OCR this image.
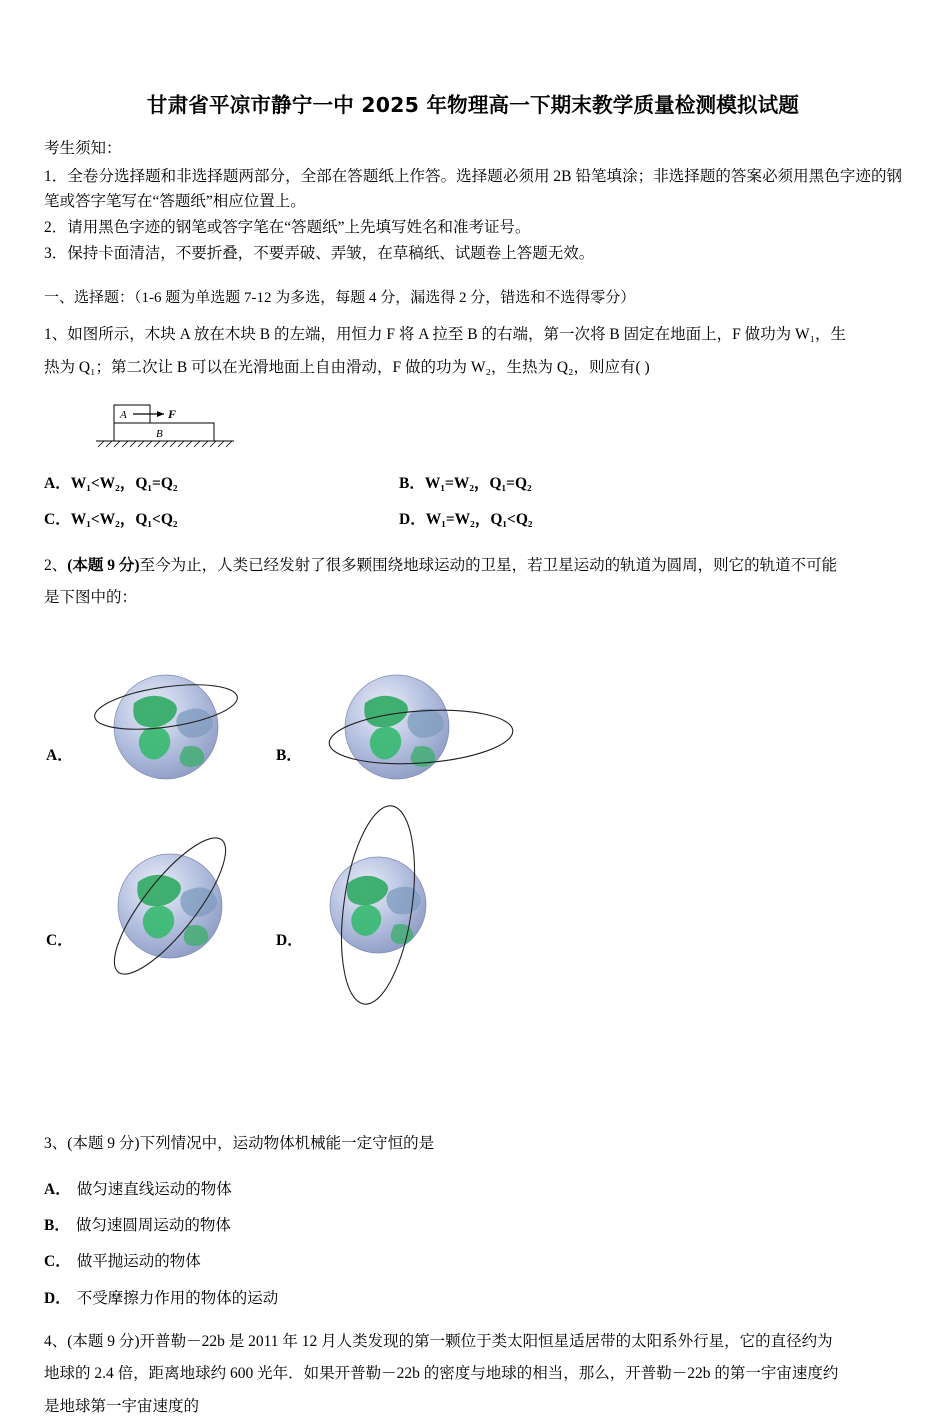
甘肃省平凉市静宁一中 2025 年物理高一下期末教学质量检测模拟试题
考生须知：
1．全卷分选择题和非选择题两部分，全部在答题纸上作答。选择题必须用 2B 铅笔填涂；非选择题的答案必须用黑色字迹的钢笔或答字笔写在“答题纸”相应位置上。
2．请用黑色字迹的钢笔或答字笔在“答题纸”上先填写姓名和准考证号。
3．保持卡面清洁，不要折叠，不要弄破、弄皱，在草稿纸、试题卷上答题无效。
一、选择题：（1-6 题为单选题 7-12 为多选，每题 4 分，漏选得 2 分，错选和不选得零分）
1、如图所示，木块 A 放在木块 B 的左端，用恒力 F 将 A 拉至 B 的右端，第一次将 B 固定在地面上，F 做功为 W₁，生
热为 Q₁；第二次让 B 可以在光滑地面上自由滑动，F 做的功为 W₂，生热为 Q₂，则应有( )
A	F
B
A．W₁<W₂，Q₁=Q₂	B．W₁=W₂，Q₁=Q₂
C．W₁<W₂，Q₁<Q₂	D．W₁=W₂，Q₁<Q₂
2、(本题 9 分)至今为止，人类已经发射了很多颗围绕地球运动的卫星，若卫星运动的轨道为圆周，则它的轨道不可能
是下图中的：
A．	B．
C．	D．
3、(本题 9 分)下列情况中，运动物体机械能一定守恒的是
A． 做匀速直线运动的物体
B． 做匀速圆周运动的物体
C． 做平抛运动的物体
D． 不受摩擦力作用的物体的运动
4、(本题 9 分)开普勒－22b 是 2011 年 12 月人类发现的第一颗位于类太阳恒星适居带的太阳系外行星，它的直径约为
地球的 2.4 倍，距离地球约 600 光年．如果开普勒－22b 的密度与地球的相当，那么，开普勒－22b 的第一宇宙速度约
是地球第一宇宙速度的
